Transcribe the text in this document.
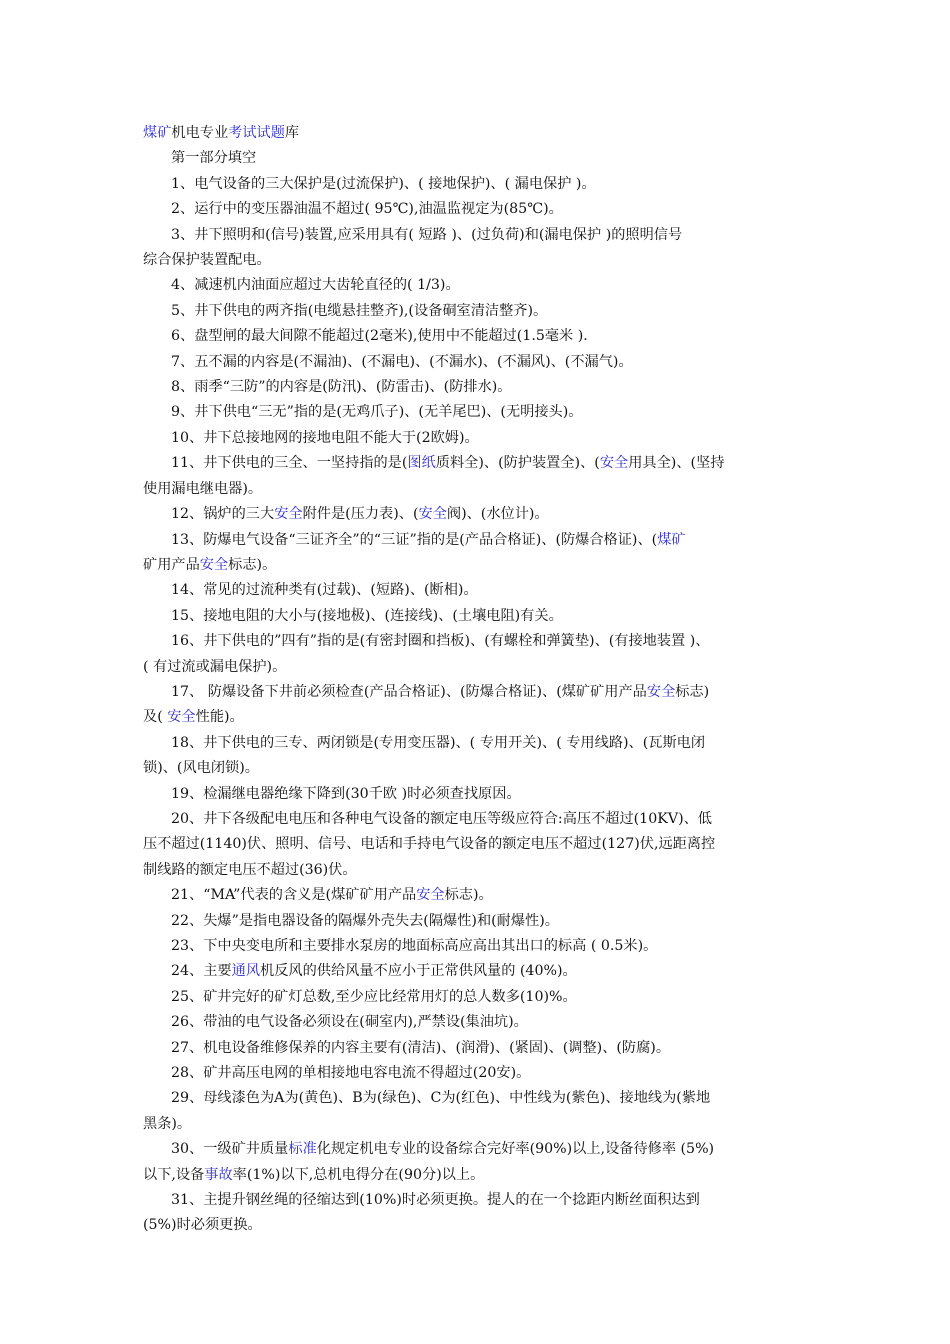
煤矿机电专业考试试题库
第一部分填空
1、电气设备的三大保护是(过流保护)、( 接地保护)、( 漏电保护 )。
2、运行中的变压器油温不超过( 95℃),油温监视定为(85℃)。
3、井下照明和(信号)装置,应采用具有( 短路 )、(过负荷)和(漏电保护 )的照明信号
综合保护装置配电。
4、减速机内油面应超过大齿轮直径的( 1/3)。
5、井下供电的两齐指(电缆悬挂整齐),(设备硐室清洁整齐)。
6、盘型闸的最大间隙不能超过(2毫米),使用中不能超过(1.5毫米 ).
7、五不漏的内容是(不漏油)、(不漏电)、(不漏水)、(不漏风)、(不漏气)。
8、雨季“三防”的内容是(防汛)、(防雷击)、(防排水)。
9、井下供电“三无”指的是(无鸡爪子)、(无羊尾巴)、(无明接头)。
10、井下总接地网的接地电阻不能大于(2欧姆)。
11、井下供电的三全、一坚持指的是(图纸质料全)、(防护装置全)、(安全用具全)、(坚持
使用漏电继电器)。
12、锅炉的三大安全附件是(压力表)、(安全阀)、(水位计)。
13、防爆电气设备“三证齐全”的“三证”指的是(产品合格证)、(防爆合格证)、(煤矿
矿用产品安全标志)。
14、常见的过流种类有(过载)、(短路)、(断相)。
15、接地电阻的大小与(接地极)、(连接线)、(土壤电阻)有关。
16、井下供电的”四有”指的是(有密封圈和挡板)、(有螺栓和弹簧垫)、(有接地装置 )、
( 有过流或漏电保护)。
17、 防爆设备下井前必须检查(产品合格证)、(防爆合格证)、(煤矿矿用产品安全标志)
及( 安全性能)。
18、井下供电的三专、两闭锁是(专用变压器)、( 专用开关)、( 专用线路)、(瓦斯电闭
锁)、(风电闭锁)。
19、检漏继电器绝缘下降到(30千欧 )时必须查找原因。
20、井下各级配电电压和各种电气设备的额定电压等级应符合:高压不超过(10KV)、低
压不超过(1140)伏、照明、信号、电话和手持电气设备的额定电压不超过(127)伏,远距离控
制线路的额定电压不超过(36)伏。
21、“MA”代表的含义是(煤矿矿用产品安全标志)。
22、失爆”是指电器设备的隔爆外壳失去(隔爆性)和(耐爆性)。
23、下中央变电所和主要排水泵房的地面标高应高出其出口的标高 ( 0.5米)。
24、主要通风机反风的供给风量不应小于正常供风量的 (40%)。
25、矿井完好的矿灯总数,至少应比经常用灯的总人数多(10)%。
26、带油的电气设备必须设在(硐室内),严禁设(集油坑)。
27、机电设备维修保养的内容主要有(清洁)、(润滑)、(紧固)、(调整)、(防腐)。
28、矿井高压电网的单相接地电容电流不得超过(20安)。
29、母线漆色为A为(黄色)、B为(绿色)、C为(红色)、中性线为(紫色)、接地线为(紫地
黑条)。
30、一级矿井质量标准化规定机电专业的设备综合完好率(90%)以上,设备待修率 (5%)
以下,设备事故率(1%)以下,总机电得分在(90分)以上。
31、主提升钢丝绳的径缩达到(10%)时必须更换。提人的在一个捻距内断丝面积达到
(5%)时必须更换。
